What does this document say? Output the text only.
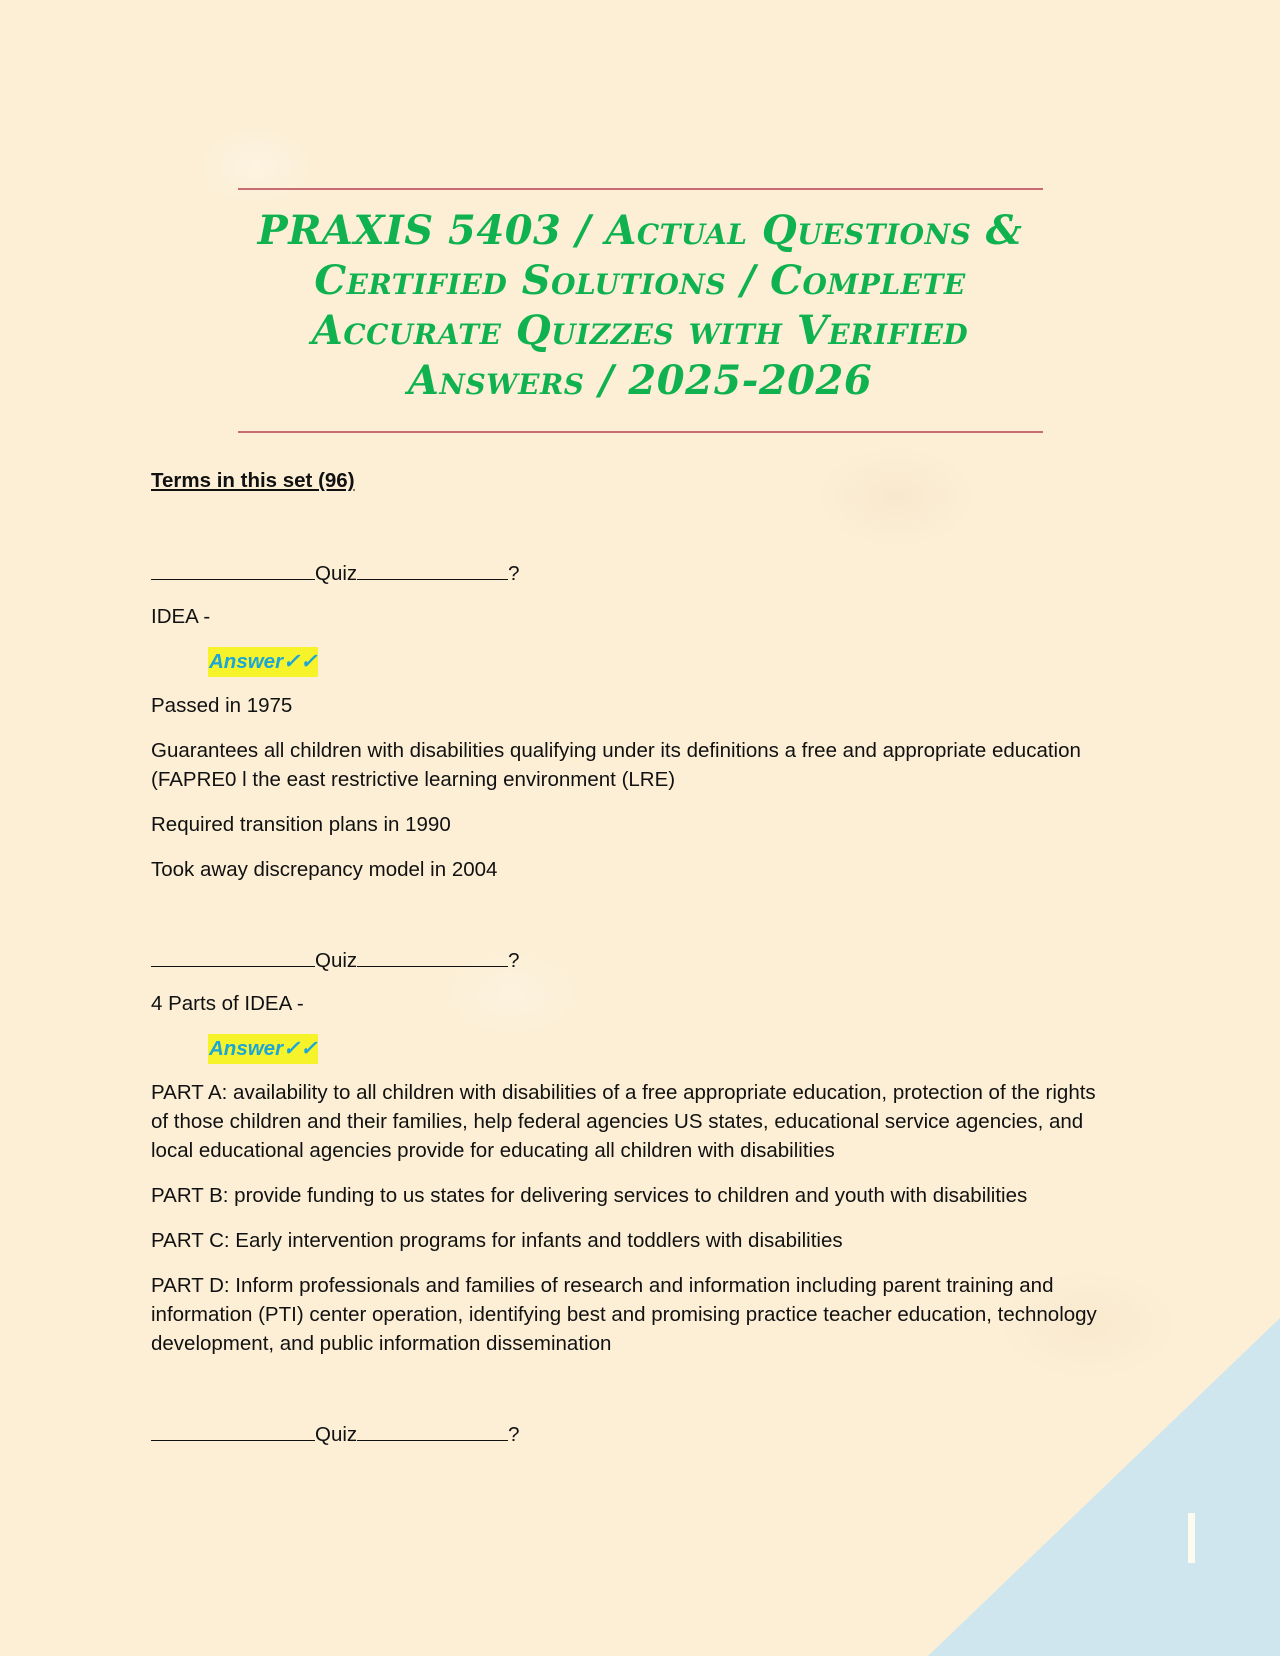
PRAXIS 5403 / Actual Questions & Certified Solutions / Complete Accurate Quizzes with Verified Answers / 2025-2026

Terms in this set (96)

Quiz	?

IDEA -

Answer✓✓

Passed in 1975

Guarantees all children with disabilities qualifying under its definitions a free and appropriate education (FAPRE0 l the east restrictive learning environment (LRE)

Required transition plans in 1990

Took away discrepancy model in 2004

Quiz	?

4 Parts of IDEA -

Answer✓✓

PART A: availability to all children with disabilities of a free appropriate education, protection of the rights of those children and their families, help federal agencies US states, educational service agencies, and local educational agencies provide for educating all children with disabilities

PART B: provide funding to us states for delivering services to children and youth with disabilities

PART C: Early intervention programs for infants and toddlers with disabilities

PART D: Inform professionals and families of research and information including parent training and information (PTI) center operation, identifying best and promising practice teacher education, technology development, and public information dissemination

Quiz	?
